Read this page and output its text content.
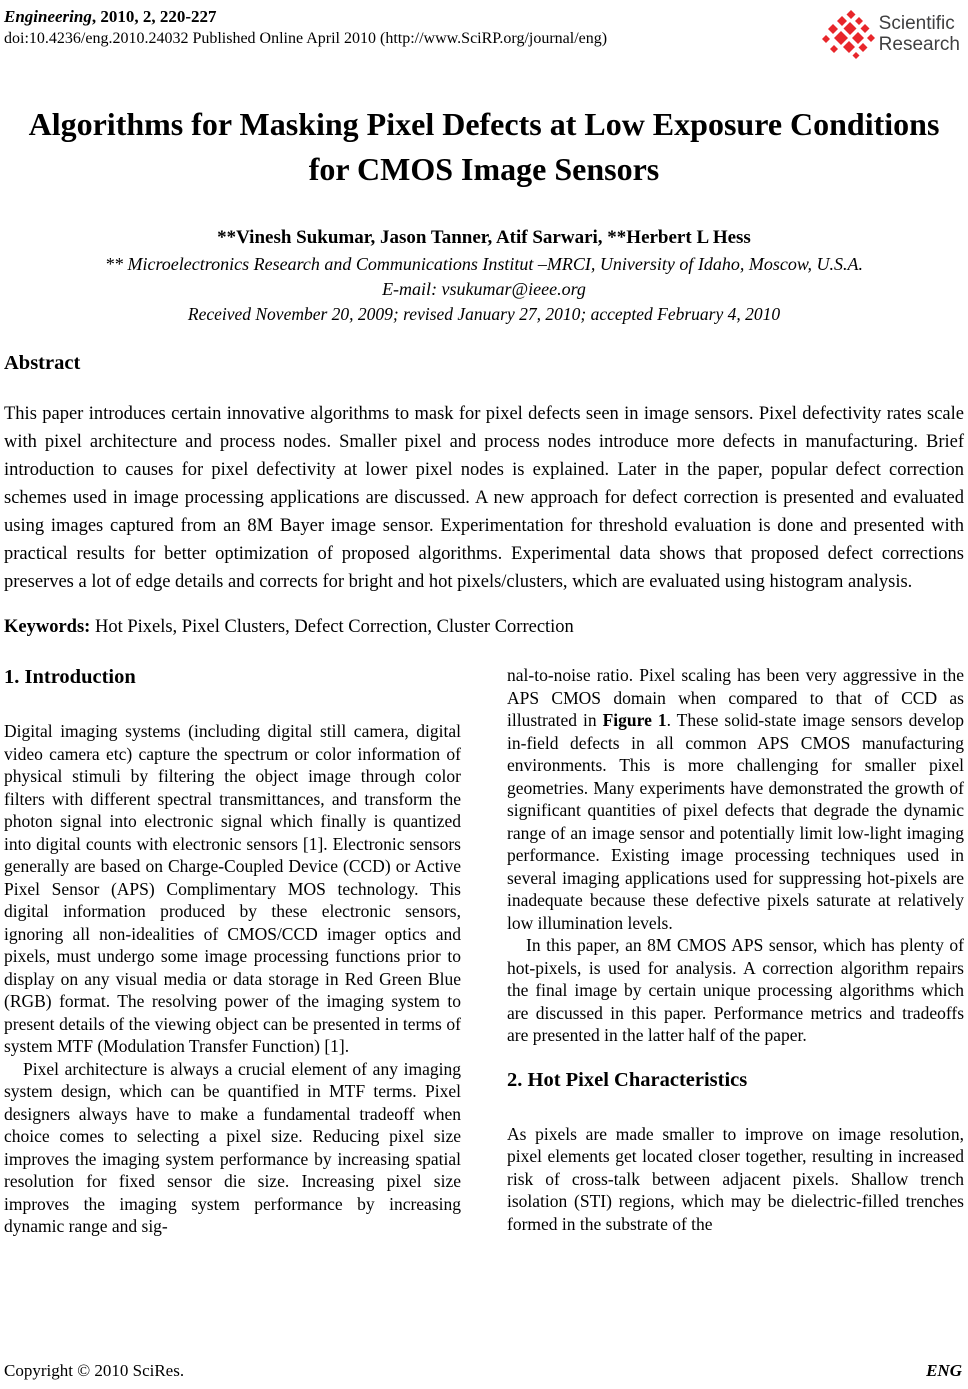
Engineering, 2010, 2, 220-227
doi:10.4236/eng.2010.24032 Published Online April 2010 (http://www.SciRP.org/journal/eng)
Scientific
Research
Algorithms for Masking Pixel Defects at Low Exposure Conditions for CMOS Image Sensors
**Vinesh Sukumar, Jason Tanner, Atif Sarwari, **Herbert L Hess
** Microelectronics Research and Communications Institut –MRCI, University of Idaho, Moscow, U.S.A.
E-mail: vsukumar@ieee.org
Received November 20, 2009; revised January 27, 2010; accepted February 4, 2010
Abstract
This paper introduces certain innovative algorithms to mask for pixel defects seen in image sensors. Pixel defectivity rates scale with pixel architecture and process nodes. Smaller pixel and process nodes introduce more defects in manufacturing. Brief introduction to causes for pixel defectivity at lower pixel nodes is explained. Later in the paper, popular defect correction schemes used in image processing applications are discussed. A new approach for defect correction is presented and evaluated using images captured from an 8M Bayer image sensor. Experimentation for threshold evaluation is done and presented with practical results for better optimization of proposed algorithms. Experimental data shows that proposed defect corrections preserves a lot of edge details and corrects for bright and hot pixels/clusters, which are evaluated using histogram analysis.
Keywords: Hot Pixels, Pixel Clusters, Defect Correction, Cluster Correction
1. Introduction

Digital imaging systems (including digital still camera, digital video camera etc) capture the spectrum or color information of physical stimuli by filtering the object image through color filters with different spectral transmittances, and transform the photon signal into electronic signal which finally is quantized into digital counts with electronic sensors [1]. Electronic sensors generally are based on Charge-Coupled Device (CCD) or Active Pixel Sensor (APS) Complimentary MOS technology. This digital information produced by these electronic sensors, ignoring all non-idealities of CMOS/CCD imager optics and pixels, must undergo some image processing functions prior to display on any visual media or data storage in Red Green Blue (RGB) format. The resolving power of the imaging system to present details of the viewing object can be presented in terms of system MTF (Modulation Transfer Function) [1].

Pixel architecture is always a crucial element of any imaging system design, which can be quantified in MTF terms. Pixel designers always have to make a fundamental tradeoff when choice comes to selecting a pixel size. Reducing pixel size improves the imaging system performance by increasing spatial resolution for fixed sensor die size. Increasing pixel size improves the imaging system performance by increasing dynamic range and sig-

nal-to-noise ratio. Pixel scaling has been very aggressive in the APS CMOS domain when compared to that of CCD as illustrated in Figure 1. These solid-state image sensors develop in-field defects in all common APS CMOS manufacturing environments. This is more challenging for smaller pixel geometries. Many experiments have demonstrated the growth of significant quantities of pixel defects that degrade the dynamic range of an image sensor and potentially limit low-light imaging performance. Existing image processing techniques used in several imaging applications used for suppressing hot-pixels are inadequate because these defective pixels saturate at relatively low illumination levels.

In this paper, an 8M CMOS APS sensor, which has plenty of hot-pixels, is used for analysis. A correction algorithm repairs the final image by certain unique processing algorithms which are discussed in this paper. Performance metrics and tradeoffs are presented in the latter half of the paper.

2. Hot Pixel Characteristics

As pixels are made smaller to improve on image resolution, pixel elements get located closer together, resulting in increased risk of cross-talk between adjacent pixels. Shallow trench isolation (STI) regions, which may be dielectric-filled trenches formed in the substrate of the

Copyright © 2010 SciRes.	ENG
